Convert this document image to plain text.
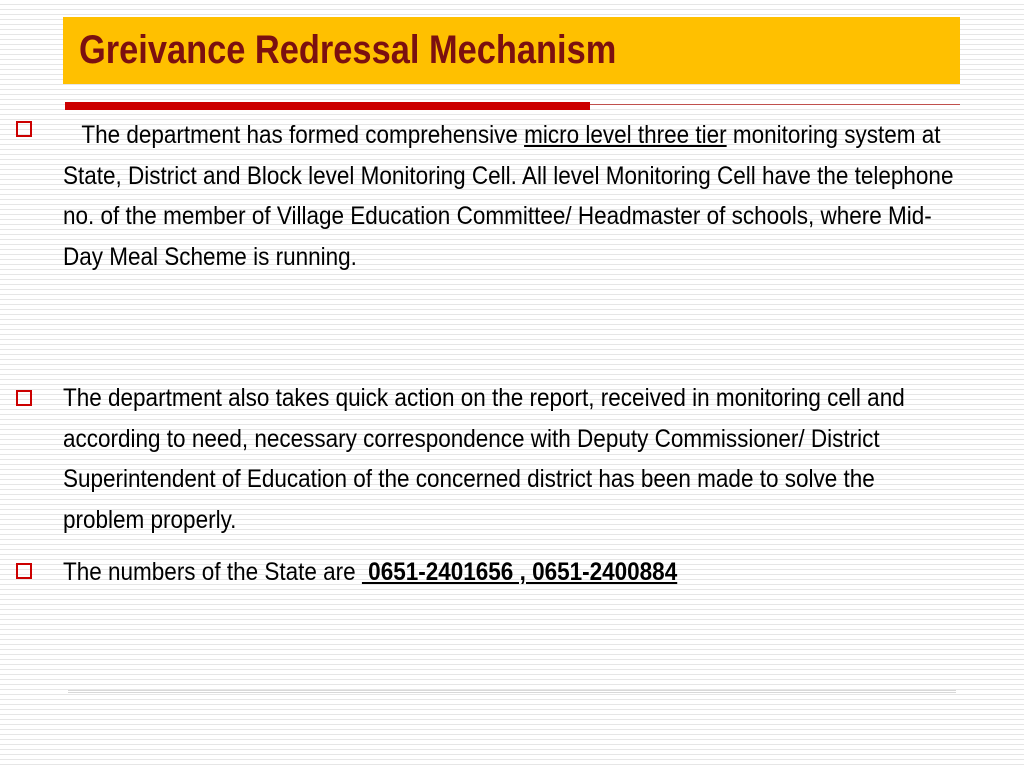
Greivance Redressal Mechanism
The department has formed comprehensive micro level three tier monitoring system at State, District and Block level Monitoring Cell. All level Monitoring Cell have the telephone no. of the member of Village Education Committee/ Headmaster of schools, where Mid-Day Meal Scheme is running.
The department also takes quick action on the report, received in monitoring cell and according to need, necessary correspondence with Deputy Commissioner/ District Superintendent of Education of the concerned district has been made to solve the problem properly.
The numbers of the State are  0651-2401656 , 0651-2400884
